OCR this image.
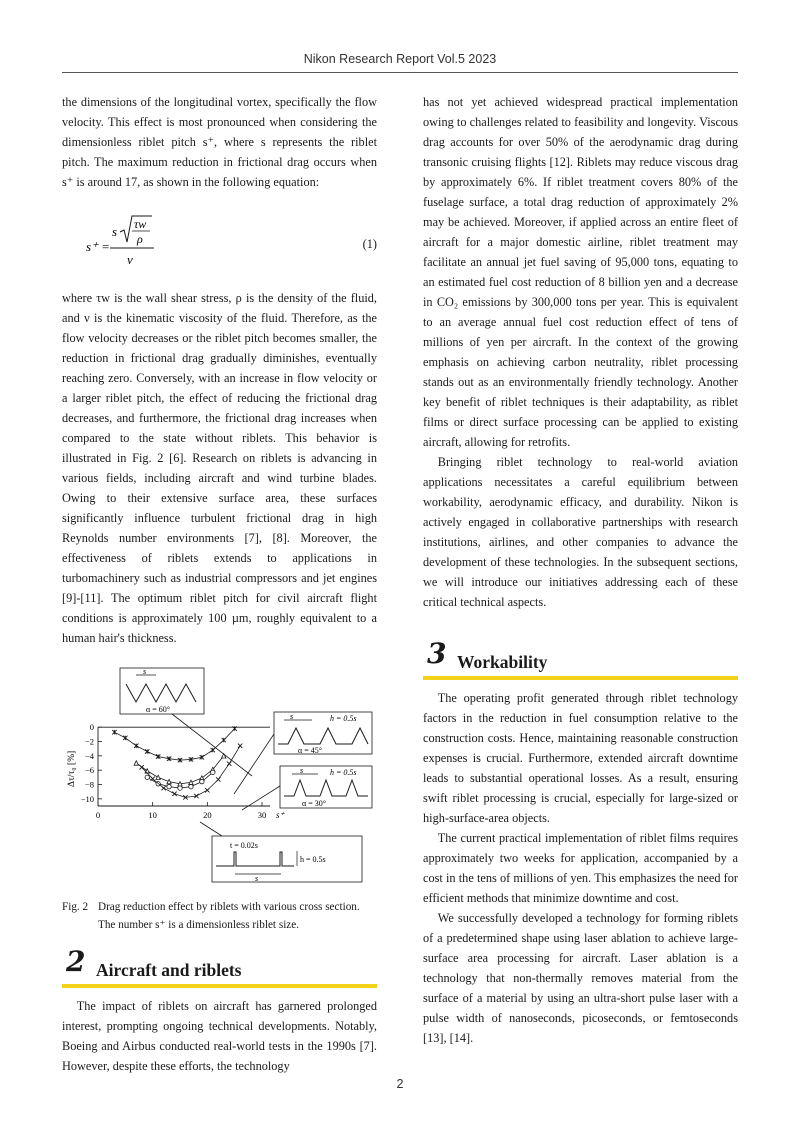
Nikon Research Report Vol.5 2023

the dimensions of the longitudinal vortex, specifically the flow velocity. This effect is most pronounced when considering the dimensionless riblet pitch s⁺, where s represents the riblet pitch. The maximum reduction in frictional drag occurs when s⁺ is around 17, as shown in the following equation:

s⁺ =
s τw
ρ
ν
(1)

where τw is the wall shear stress, ρ is the density of the fluid, and ν is the kinematic viscosity of the fluid. Therefore, as the flow velocity decreases or the riblet pitch becomes smaller, the reduction in frictional drag gradually diminishes, eventually reaching zero. Conversely, with an increase in flow velocity or a larger riblet pitch, the effect of reducing the frictional drag decreases, and furthermore, the frictional drag increases when compared to the state without riblets. This behavior is illustrated in Fig. 2 [6]. Research on riblets is advancing in various fields, including aircraft and wind turbine blades. Owing to their extensive surface area, these surfaces significantly influence turbulent frictional drag in high Reynolds number environments [7], [8]. Moreover, the effectiveness of riblets extends to applications in turbomachinery such as industrial compressors and jet engines [9]-[11]. The optimum riblet pitch for civil aircraft flight conditions is approximately 100 µm, roughly equivalent to a human hair's thickness.

0
−2
−4
−6
−8
−10
0	10	20	30 s⁺
Δτ/τ₀ [%]
s
α = 60°
s	h = 0.5s
α = 45°
s	h = 0.5s
α = 30°
t = 0.02s
s
h = 0.5s
Fig. 2 Drag reduction effect by riblets with various cross section.
The number s⁺ is a dimensionless riblet size.
2 Aircraft and riblets

The impact of riblets on aircraft has garnered prolonged interest, prompting ongoing technical developments. Notably, Boeing and Airbus conducted real-world tests in the 1990s [7]. However, despite these efforts, the technology

has not yet achieved widespread practical implementation owing to challenges related to feasibility and longevity. Viscous drag accounts for over 50% of the aerodynamic drag during transonic cruising flights [12]. Riblets may reduce viscous drag by approximately 6%. If riblet treatment covers 80% of the fuselage surface, a total drag reduction of approximately 2% may be achieved. Moreover, if applied across an entire fleet of aircraft for a major domestic airline, riblet treatment may facilitate an annual jet fuel saving of 95,000 tons, equating to an estimated fuel cost reduction of 8 billion yen and a decrease in CO₂ emissions by 300,000 tons per year. This is equivalent to an average annual fuel cost reduction effect of tens of millions of yen per aircraft. In the context of the growing emphasis on achieving carbon neutrality, riblet processing stands out as an environmentally friendly technology. Another key benefit of riblet techniques is their adaptability, as riblet films or direct surface processing can be applied to existing aircraft, allowing for retrofits.

Bringing riblet technology to real-world aviation applications necessitates a careful equilibrium between workability, aerodynamic efficacy, and durability. Nikon is actively engaged in collaborative partnerships with research institutions, airlines, and other companies to advance the development of these technologies. In the subsequent sections, we will introduce our initiatives addressing each of these critical technical aspects.

3 Workability

The operating profit generated through riblet technology factors in the reduction in fuel consumption relative to the construction costs. Hence, maintaining reasonable construction expenses is crucial. Furthermore, extended aircraft downtime leads to substantial operational losses. As a result, ensuring swift riblet processing is crucial, especially for large-sized or high-surface-area objects.

The current practical implementation of riblet films requires approximately two weeks for application, accompanied by a cost in the tens of millions of yen. This emphasizes the need for efficient methods that minimize downtime and cost.

We successfully developed a technology for forming riblets of a predetermined shape using laser ablation to achieve large-surface area processing for aircraft. Laser ablation is a technology that non-thermally removes material from the surface of a material by using an ultra-short pulse laser with a pulse width of nanoseconds, picoseconds, or femtoseconds [13], [14].

2
